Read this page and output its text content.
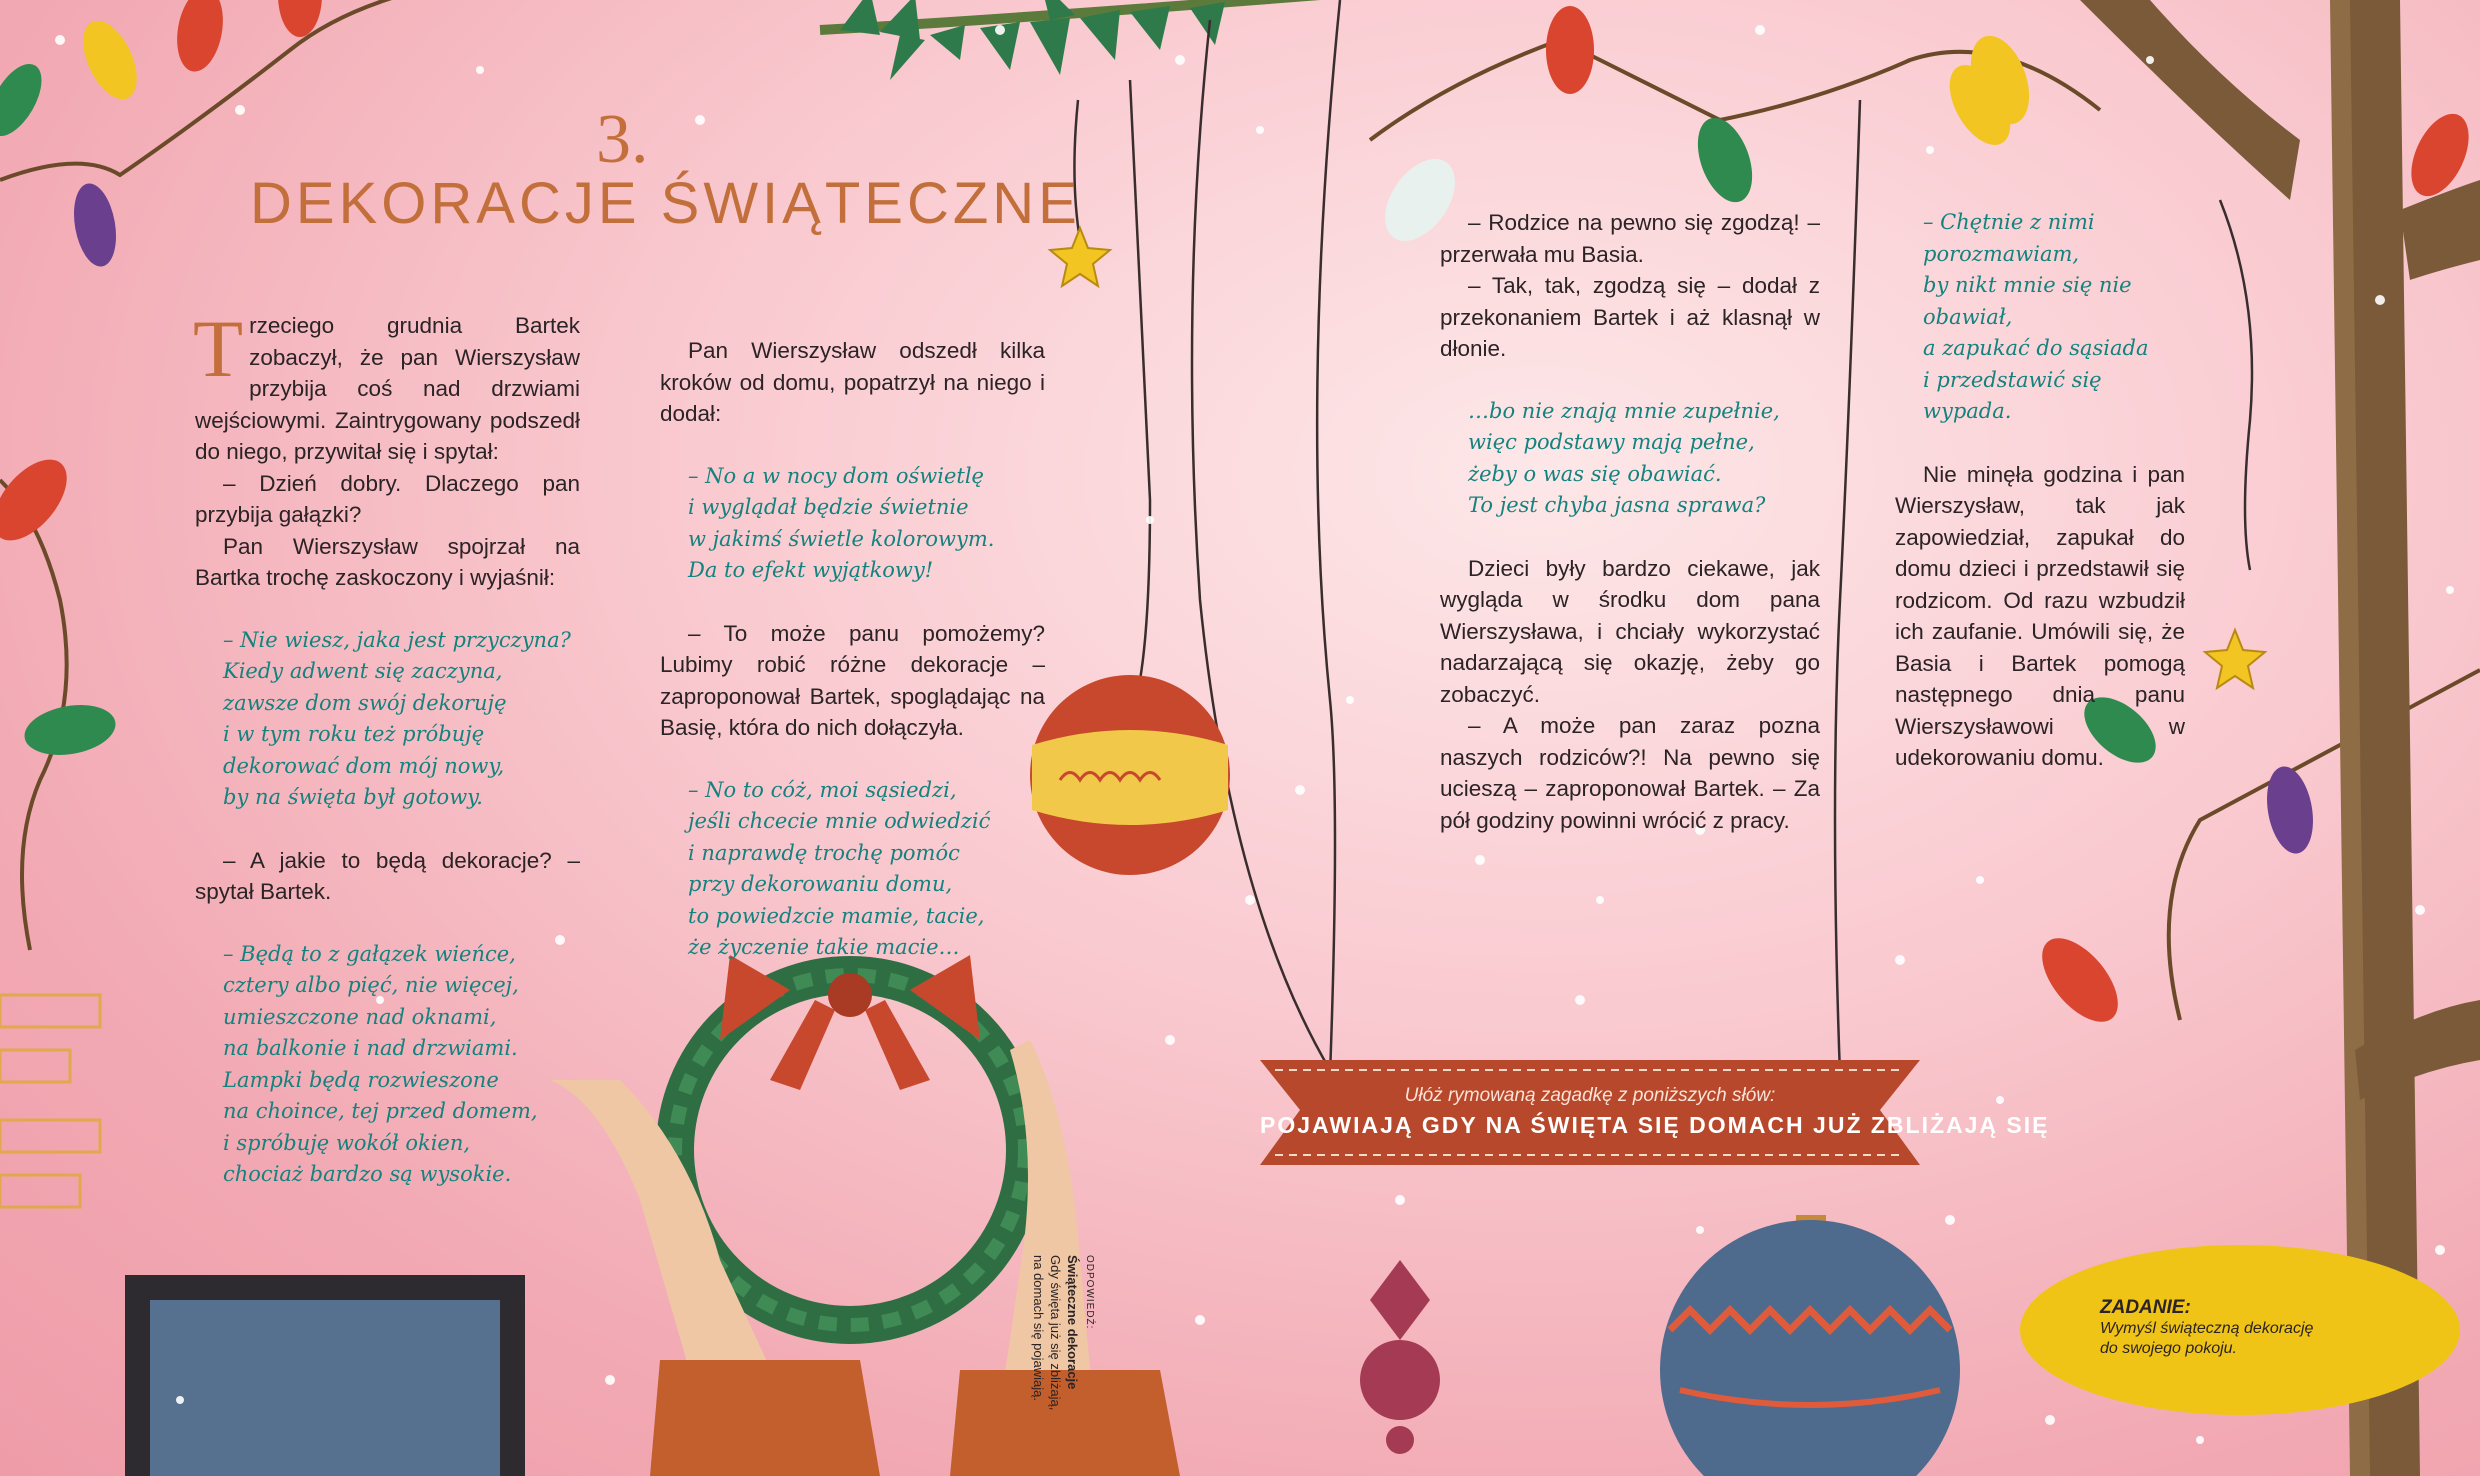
3.
DEKORACJE ŚWIĄTECZNE

Trzeciego grudnia Bartek zobaczył, że pan Wierszysław przybija coś nad drzwiami wejściowymi. Zaintrygowany podszedł do niego, przywitał się i spytał:

– Dzień dobry. Dlaczego pan przybija gałązki?

Pan Wierszysław spojrzał na Bartka trochę zaskoczony i wyjaśnił:

– Nie wiesz, jaka jest przyczyna?
Kiedy adwent się zaczyna,
zawsze dom swój dekoruję
i w tym roku też próbuję
dekorować dom mój nowy,
by na święta był gotowy.

– A jakie to będą dekoracje? – spytał Bartek.

– Będą to z gałązek wieńce,
cztery albo pięć, nie więcej,
umieszczone nad oknami,
na balkonie i nad drzwiami.
Lampki będą rozwieszone
na choince, tej przed domem,
i spróbuję wokół okien,
chociaż bardzo są wysokie.

Pan Wierszysław odszedł kilka kroków od domu, popatrzył na niego i dodał:

– No a w nocy dom oświetlę
i wyglądał będzie świetnie
w jakimś świetle kolorowym.
Da to efekt wyjątkowy!

– To może panu pomożemy? Lubimy robić różne dekoracje – zaproponował Bartek, spoglądając na Basię, która do nich dołączyła.

– No to cóż, moi sąsiedzi,
jeśli chcecie mnie odwiedzić
i naprawdę trochę pomóc
przy dekorowaniu domu,
to powiedzcie mamie, tacie,
że życzenie takie macie…

– Rodzice na pewno się zgodzą! – przerwała mu Basia.

– Tak, tak, zgodzą się – dodał z przekonaniem Bartek i aż klasnął w dłonie.

…bo nie znają mnie zupełnie,
więc podstawy mają pełne,
żeby o was się obawiać.
To jest chyba jasna sprawa?

Dzieci były bardzo ciekawe, jak wygląda w środku dom pana Wierszysława, i chciały wykorzystać nadarzającą się okazję, żeby go zobaczyć.

– A może pan zaraz pozna naszych rodziców?! Na pewno się ucieszą – zaproponował Bartek. – Za pół godziny powinni wrócić z pracy.

– Chętnie z nimi porozmawiam,
by nikt mnie się nie obawiał,
a zapukać do sąsiada
i przedstawić się wypada.

Nie minęła godzina i pan Wierszysław, tak jak zapowiedział, zapukał do domu dzieci i przedstawił się rodzicom. Od razu wzbudził ich zaufanie. Umówili się, że Basia i Bartek pomogą następnego dnia panu Wierszysławowi w udekorowaniu domu.

Ułóż rymowaną zagadkę z poniższych słów:
POJAWIAJĄ GDY NA ŚWIĘTA SIĘ DOMACH JUŻ ZBLIŻAJĄ SIĘ
ZADANIE:
Wymyśl świąteczną dekorację
do swojego pokoju.
ODPOWIEDŹ:
Świąteczne dekoracje
Gdy święta już się zbliżają,
na domach się pojawiają.
